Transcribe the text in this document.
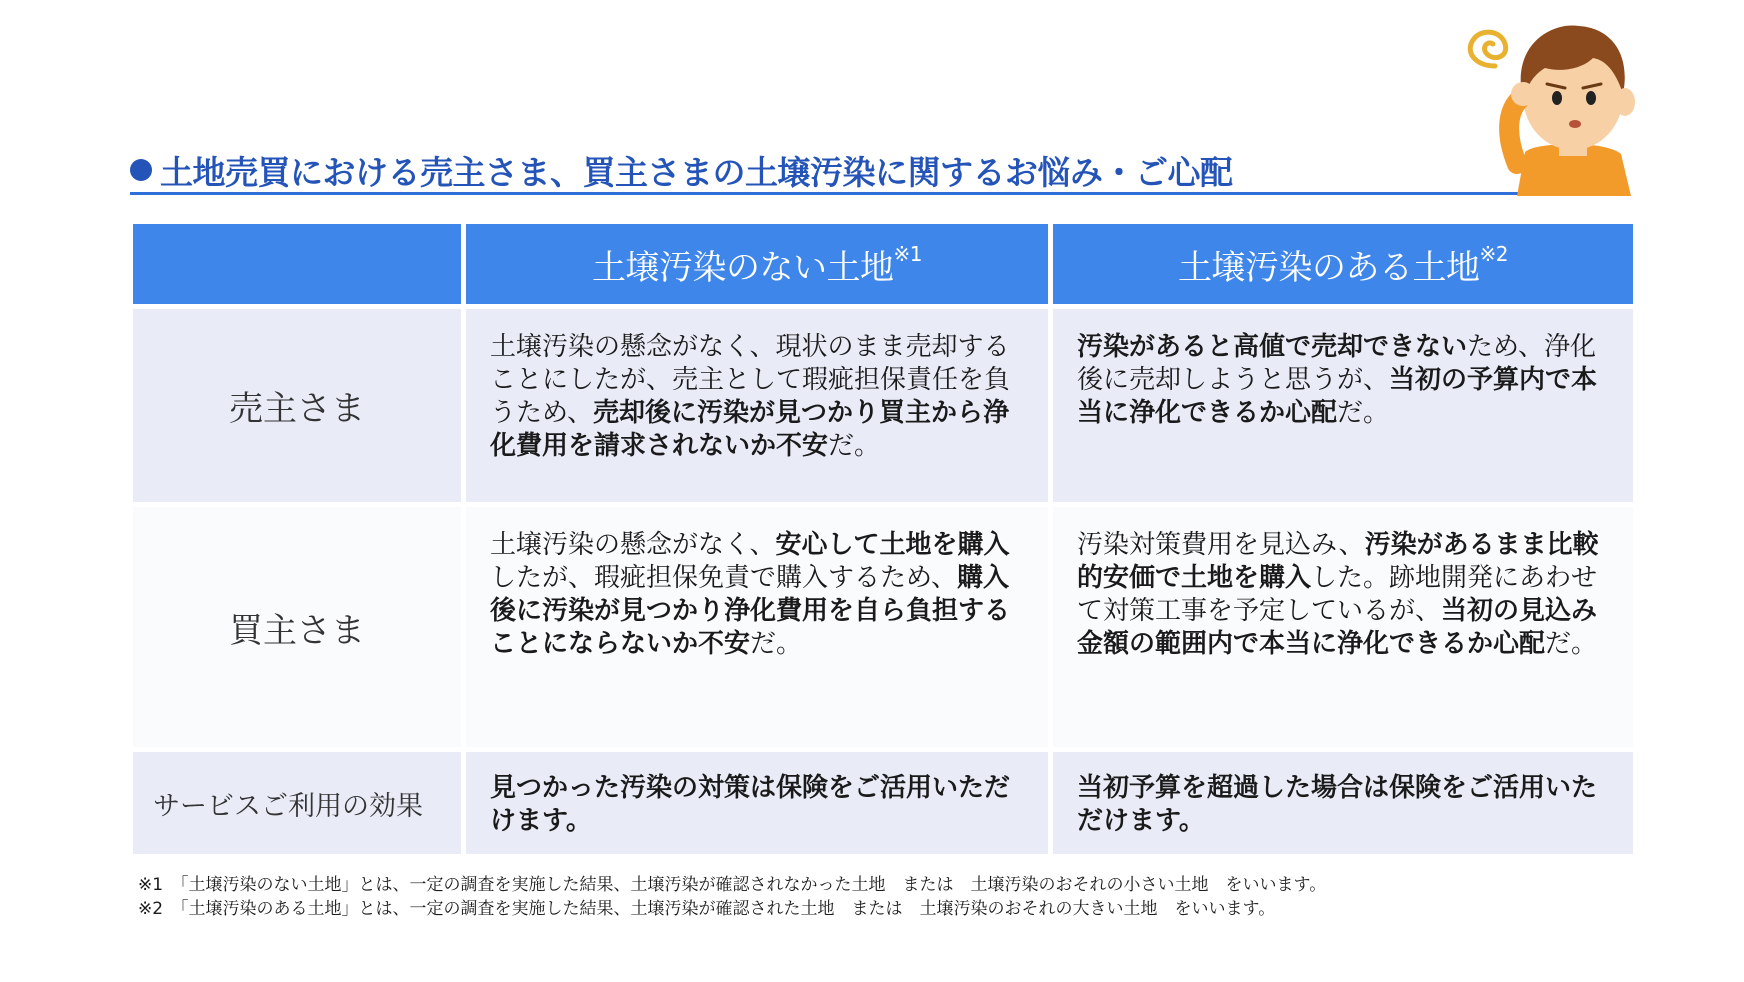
土地売買における売主さま、買主さまの土壌汚染に関するお悩み・ご心配
土壌汚染のない土地$^{※1}$	土壌汚染のある土地$^{※2}$
売主さま
土壌汚染の懸念がなく、現状のまま売却することにしたが、売主として瑕疵担保責任を負うため、売却後に汚染が見つかり買主から浄化費用を請求されないか不安だ。
汚染があると高値で売却できないため、浄化後に売却しようと思うが、当初の予算内で本当に浄化できるか心配だ。
買主さま
土壌汚染の懸念がなく、安心して土地を購入したが、瑕疵担保免責で購入するため、購入後に汚染が見つかり浄化費用を自ら負担することにならないか不安だ。
汚染対策費用を見込み、汚染があるまま比較的安価で土地を購入した。跡地開発にあわせて対策工事を予定しているが、当初の見込み金額の範囲内で本当に浄化できるか心配だ。
サービスご利用の効果
見つかった汚染の対策は保険をご活用いただけます。
当初予算を超過した場合は保険をご活用いただけます。
※1　「土壌汚染のない土地」とは、一定の調査を実施した結果、土壌汚染が確認されなかった土地　または　土壌汚染のおそれの小さい土地　をいいます。
※2　「土壌汚染のある土地」とは、一定の調査を実施した結果、土壌汚染が確認された土地　または　土壌汚染のおそれの大きい土地　をいいます。
